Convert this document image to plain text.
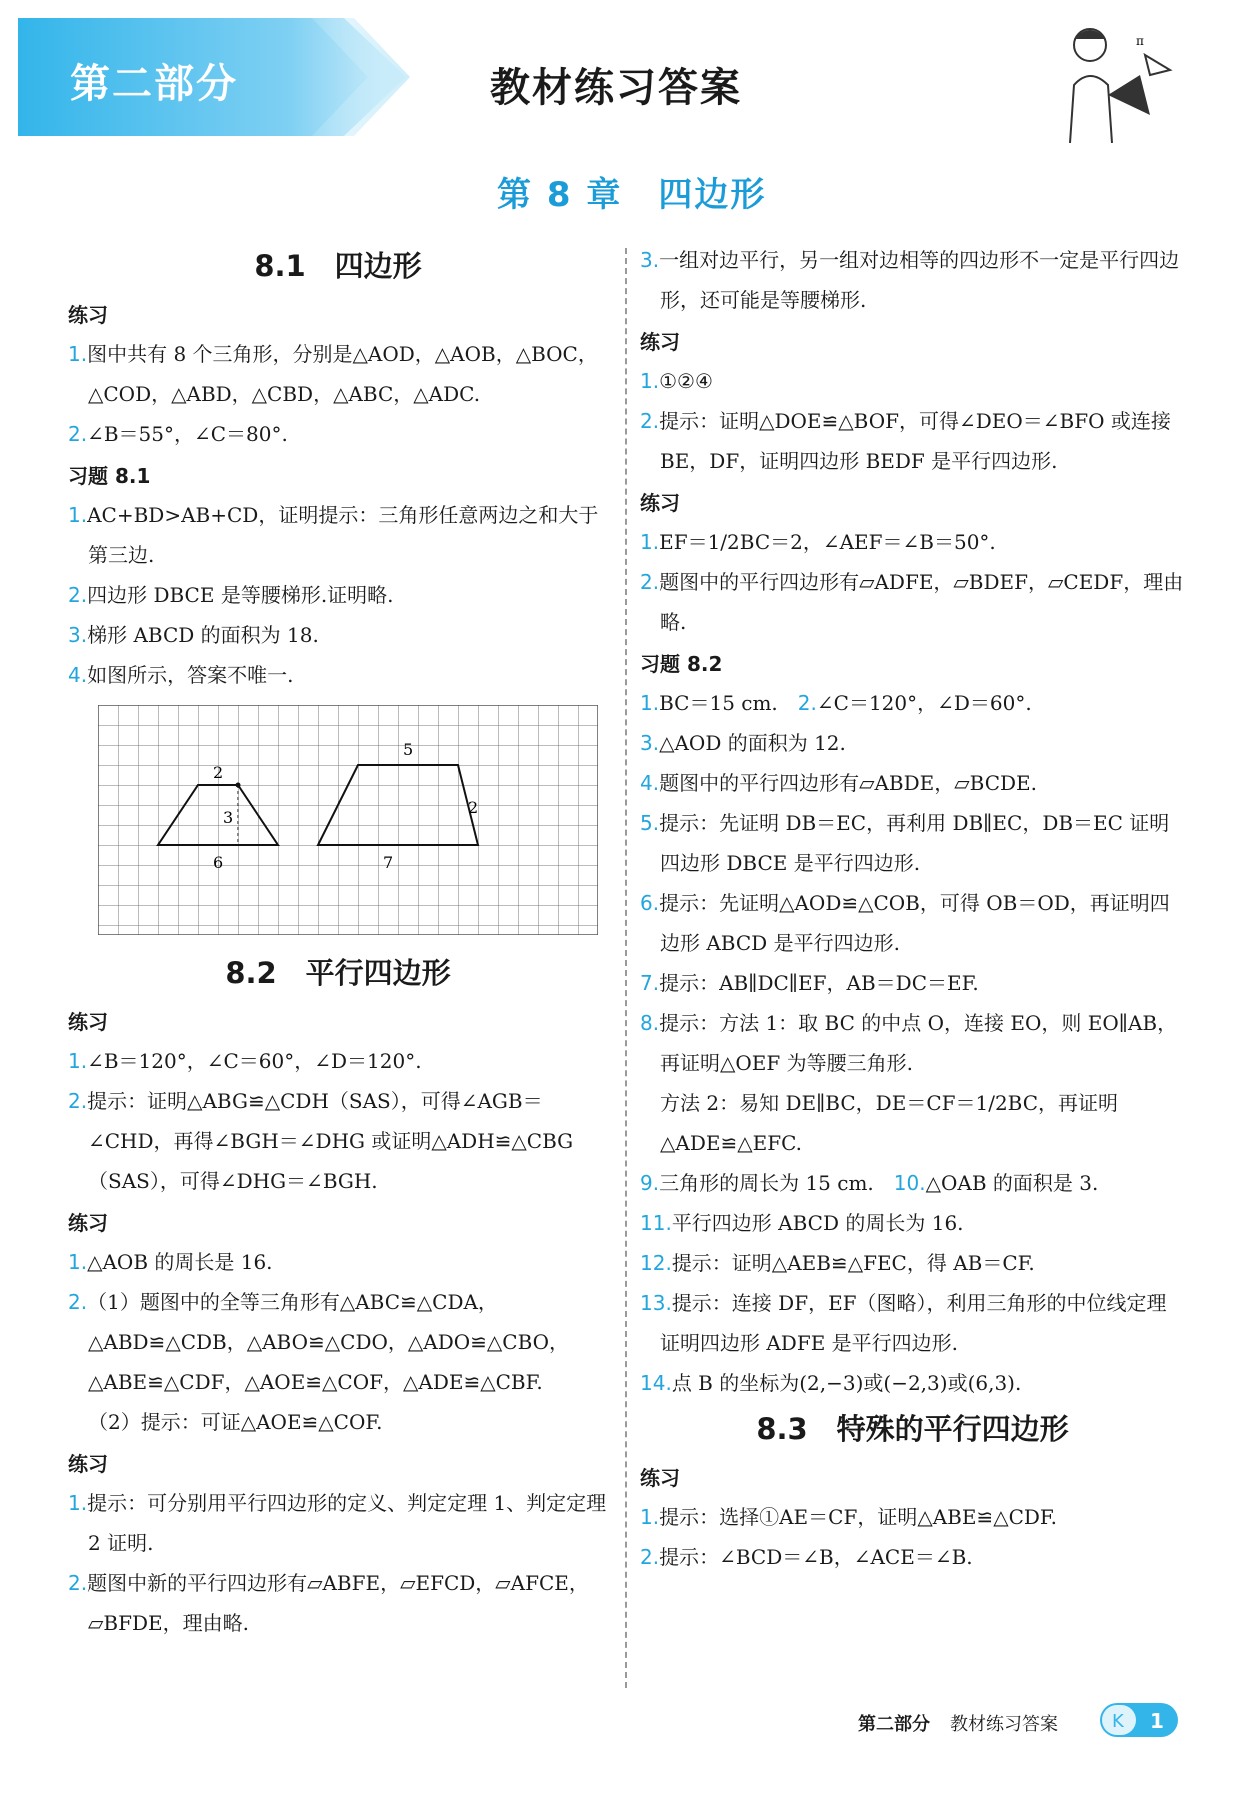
第二部分	教材练习答案
π
第 8 章　四边形
8.1　四边形
练习

1.图中共有 8 个三角形，分别是△AOD，△AOB，△BOC，△COD，△ABD，△CBD，△ABC，△ADC.

2.∠B＝55°，∠C＝80°.

习题 8.1

1.AC+BD>AB+CD，证明提示：三角形任意两边之和大于第三边.

2.四边形 DBCE 是等腰梯形.证明略.

3.梯形 ABCD 的面积为 18.

4.如图所示，答案不唯一.

2
3
6
5
2
7
8.2　平行四边形
练习

1.∠B＝120°，∠C＝60°，∠D＝120°.

2.提示：证明△ABG≌△CDH（SAS），可得∠AGB＝∠CHD，再得∠BGH＝∠DHG 或证明△ADH≌△CBG（SAS），可得∠DHG＝∠BGH.

练习

1.△AOB 的周长是 16.

2.（1）题图中的全等三角形有△ABC≌△CDA，△ABD≌△CDB，△ABO≌△CDO，△ADO≌△CBO，△ABE≌△CDF，△AOE≌△COF，△ADE≌△CBF.

（2）提示：可证△AOE≌△COF.

练习

1.提示：可分别用平行四边形的定义、判定定理 1、判定定理 2 证明.

2.题图中新的平行四边形有▱ABFE，▱EFCD，▱AFCE，▱BFDE，理由略.

3.一组对边平行，另一组对边相等的四边形不一定是平行四边形，还可能是等腰梯形.

练习

1.①②④

2.提示：证明△DOE≌△BOF，可得∠DEO＝∠BFO 或连接 BE，DF，证明四边形 BEDF 是平行四边形.

练习

1.EF＝1/2BC＝2，∠AEF＝∠B＝50°.

2.题图中的平行四边形有▱ADFE，▱BDEF，▱CEDF，理由略.

习题 8.2

1.BC＝15 cm.　 2.∠C＝120°，∠D＝60°.

3.△AOD 的面积为 12.

4.题图中的平行四边形有▱ABDE，▱BCDE.

5.提示：先证明 DB＝EC，再利用 DB∥EC，DB＝EC 证明四边形 DBCE 是平行四边形.

6.提示：先证明△AOD≌△COB，可得 OB＝OD，再证明四边形 ABCD 是平行四边形.

7.提示：AB∥DC∥EF，AB＝DC＝EF.

8.提示：方法 1：取 BC 的中点 O，连接 EO，则 EO∥AB，再证明△OEF 为等腰三角形.

方法 2：易知 DE∥BC，DE＝CF＝1/2BC，再证明△ADE≌△EFC.

9.三角形的周长为 15 cm.　 10.△OAB 的面积是 3.

11.平行四边形 ABCD 的周长为 16.

12.提示：证明△AEB≌△FEC，得 AB＝CF.

13.提示：连接 DF，EF（图略），利用三角形的中位线定理证明四边形 ADFE 是平行四边形.

14.点 B 的坐标为(2,−3)或(−2,3)或(6,3).

8.3　特殊的平行四边形
练习

1.提示：选择①AE＝CF，证明△ABE≌△CDF.

2.提示：∠BCD＝∠B，∠ACE＝∠B.

第二部分 教材练习答案	K 1
